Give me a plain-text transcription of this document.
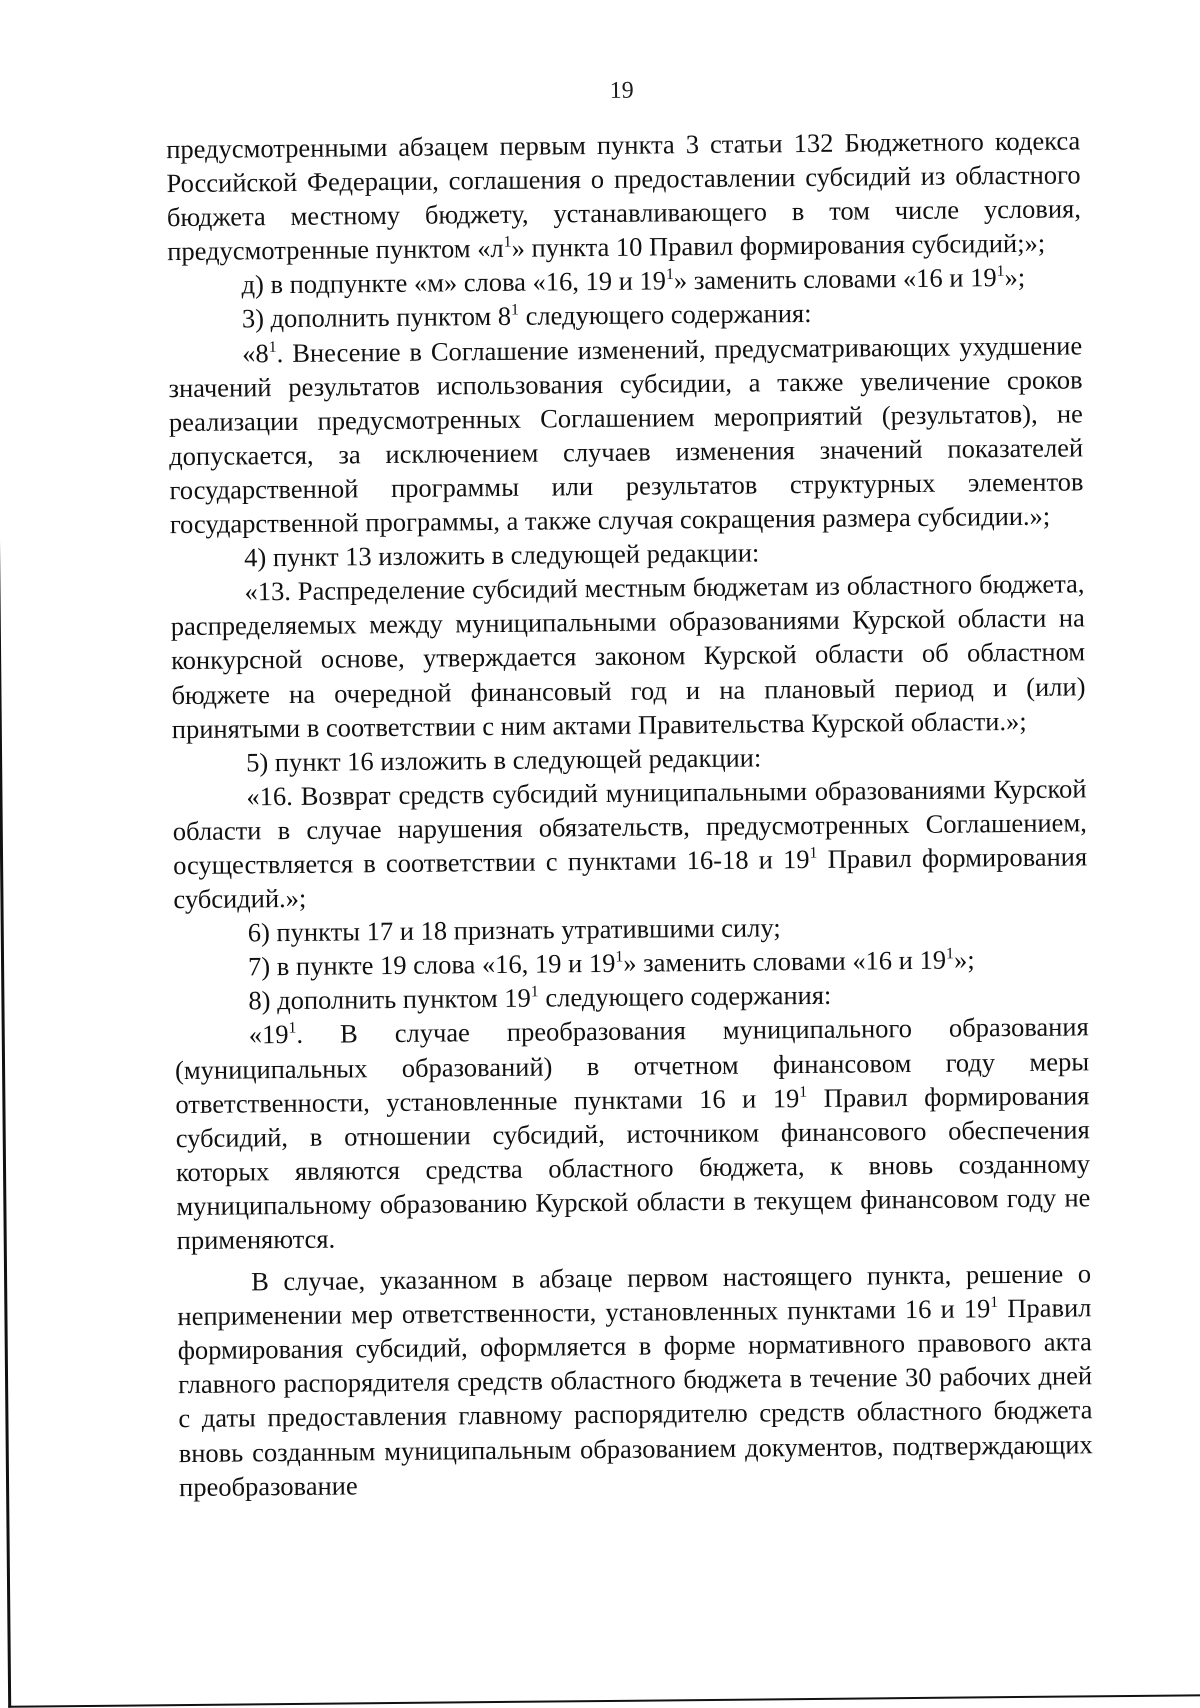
19

предусмотренными абзацем первым пункта 3 статьи 132 Бюджетного кодекса Российской Федерации, соглашения о предоставлении субсидий из областного бюджета местному бюджету, устанавливающего в том числе условия, предусмотренные пунктом «$л^1$» пункта 10 Правил формирования субсидий;»;

д) в подпункте «м» слова «16, 19 и $19^1$» заменить словами «16 и $19^1$»;

3) дополнить пунктом $8^1$ следующего содержания:

«$8^1$. Внесение в Соглашение изменений, предусматривающих ухудшение значений результатов использования субсидии, а также увеличение сроков реализации предусмотренных Соглашением мероприятий (результатов), не допускается, за исключением случаев изменения значений показателей государственной программы или результатов структурных элементов государственной программы, а также случая сокращения размера субсидии.»;

4) пункт 13 изложить в следующей редакции:

«13. Распределение субсидий местным бюджетам из областного бюджета, распределяемых между муниципальными образованиями Курской области на конкурсной основе, утверждается законом Курской области об областном бюджете на очередной финансовый год и на плановый период и (или) принятыми в соответствии с ним актами Правительства Курской области.»;

5) пункт 16 изложить в следующей редакции:

«16. Возврат средств субсидий муниципальными образованиями Курской области в случае нарушения обязательств, предусмотренных Соглашением, осуществляется в соответствии с пунктами 16-18 и $19^1$ Правил формирования субсидий.»;

6) пункты 17 и 18 признать утратившими силу;

7) в пункте 19 слова «16, 19 и $19^1$» заменить словами «16 и $19^1$»;

8) дополнить пунктом $19^1$ следующего содержания:

«$19^1$. В случае преобразования муниципального образования (муниципальных образований) в отчетном финансовом году меры ответственности, установленные пунктами 16 и $19^1$ Правил формирования субсидий, в отношении субсидий, источником финансового обеспечения которых являются средства областного бюджета, к вновь созданному муниципальному образованию Курской области в текущем финансовом году не применяются.

В случае, указанном в абзаце первом настоящего пункта, решение о неприменении мер ответственности, установленных пунктами 16 и $19^1$ Правил формирования субсидий, оформляется в форме нормативного правового акта главного распорядителя средств областного бюджета в течение 30 рабочих дней с даты предоставления главному распорядителю средств областного бюджета вновь созданным муниципальным образованием документов, подтверждающих преобразование
